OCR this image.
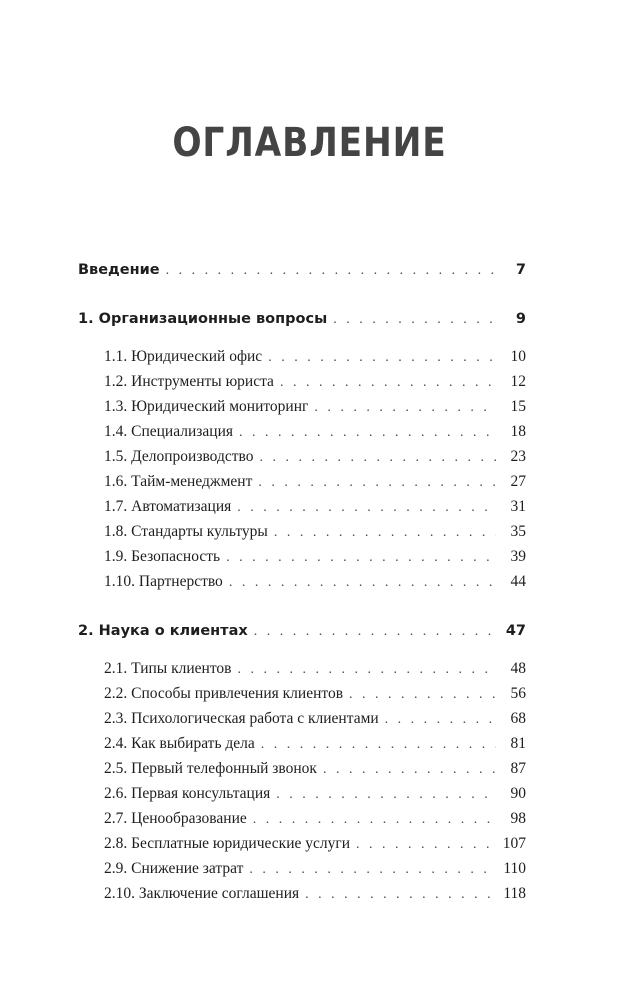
ОГЛАВЛЕНИЕ
Введение . . .	7
1. Организационные вопросы . . .	9
1.1. Юридический офис . . .	10
1.2. Инструменты юриста . . .	12
1.3. Юридический мониторинг . . .	15
1.4. Специализация . . .	18
1.5. Делопроизводство . . .	23
1.6. Тайм-менеджмент . . .	27
1.7. Автоматизация . . .	31
1.8. Стандарты культуры . . .	35
1.9. Безопасность . . .	39
1.10. Партнерство . . .	44
2. Наука о клиентах . . .	47
2.1. Типы клиентов . . .	48
2.2. Способы привлечения клиентов . . .	56
2.3. Психологическая работа с клиентами . . .	68
2.4. Как выбирать дела . . .	81
2.5. Первый телефонный звонок . . .	87
2.6. Первая консультация . . .	90
2.7. Ценообразование . . .	98
2.8. Бесплатные юридические услуги . . .	107
2.9. Снижение затрат . . .	110
2.10. Заключение соглашения . . .	118
